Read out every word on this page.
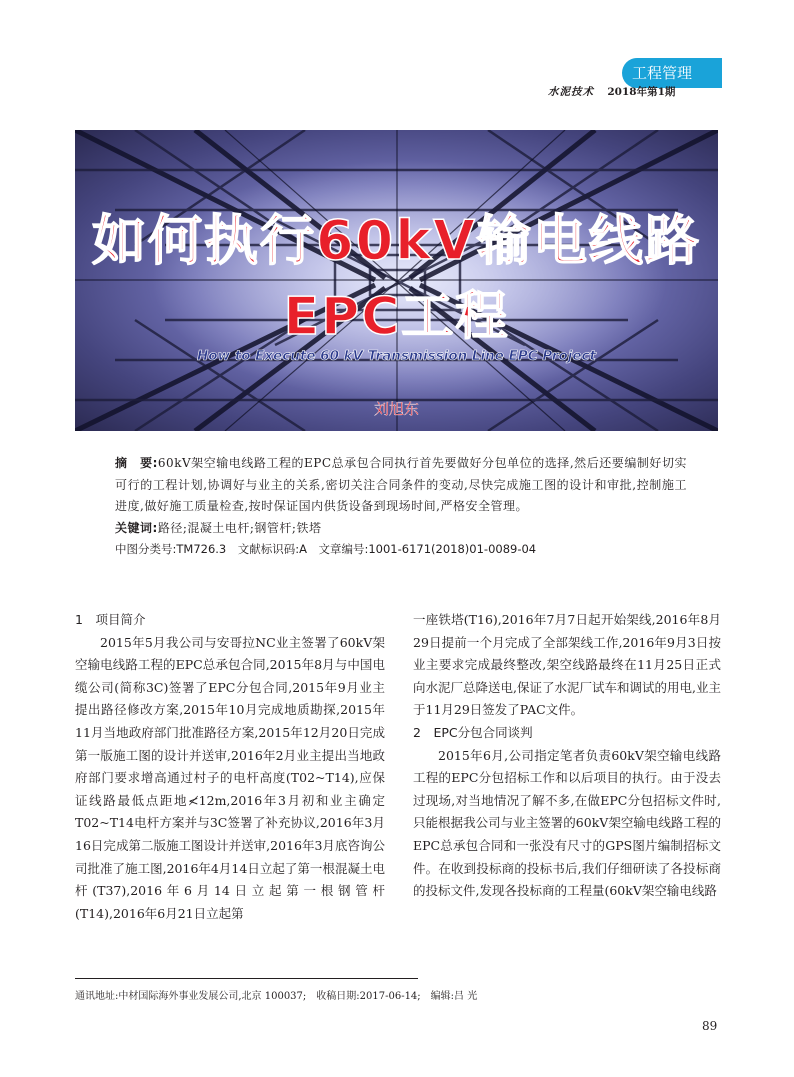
工程管理
水泥技术 2018年第1期
如何执行60kV输电线路
EPC工程

How to Execute 60 kV Transmission Line EPC Project

刘旭东

摘　要:60kV架空输电线路工程的EPC总承包合同执行首先要做好分包单位的选择,然后还要编制好切实可行的工程计划,协调好与业主的关系,密切关注合同条件的变动,尽快完成施工图的设计和审批,控制施工进度,做好施工质量检查,按时保证国内供货设备到现场时间,严格安全管理。

关键词:路径;混凝土电杆;钢管杆;铁塔

中图分类号:TM726.3　文献标识码:A　文章编号:1001-6171(2018)01-0089-04

1　项目简介

2015年5月我公司与安哥拉NC业主签署了60kV架空输电线路工程的EPC总承包合同,2015年8月与中国电缆公司(简称3C)签署了EPC分包合同,2015年9月业主提出路径修改方案,2015年10月完成地质勘探,2015年11月当地政府部门批准路径方案,2015年12月20日完成第一版施工图的设计并送审,2016年2月业主提出当地政府部门要求增高通过村子的电杆高度(T02~T14),应保证线路最低点距地≮12m,2016年3月初和业主确定T02~T14电杆方案并与3C签署了补充协议,2016年3月16日完成第二版施工图设计并送审,2016年3月底咨询公司批准了施工图,2016年4月14日立起了第一根混凝土电杆(T37),2016年6月14日立起第一根钢管杆(T14),2016年6月21日立起第

一座铁塔(T16),2016年7月7日起开始架线,2016年8月29日提前一个月完成了全部架线工作,2016年9月3日按业主要求完成最终整改,架空线路最终在11月25日正式向水泥厂总降送电,保证了水泥厂试车和调试的用电,业主于11月29日签发了PAC文件。

2　EPC分包合同谈判

2015年6月,公司指定笔者负责60kV架空输电线路工程的EPC分包招标工作和以后项目的执行。由于没去过现场,对当地情况了解不多,在做EPC分包招标文件时,只能根据我公司与业主签署的60kV架空输电线路工程的EPC总承包合同和一张没有尺寸的GPS图片编制招标文件。在收到投标商的投标书后,我们仔细研读了各投标商的投标文件,发现各投标商的工程量(60kV架空输电线路

通讯地址:中材国际海外事业发展公司,北京 100037;　收稿日期:2017-06-14;　编辑:吕 光

89
